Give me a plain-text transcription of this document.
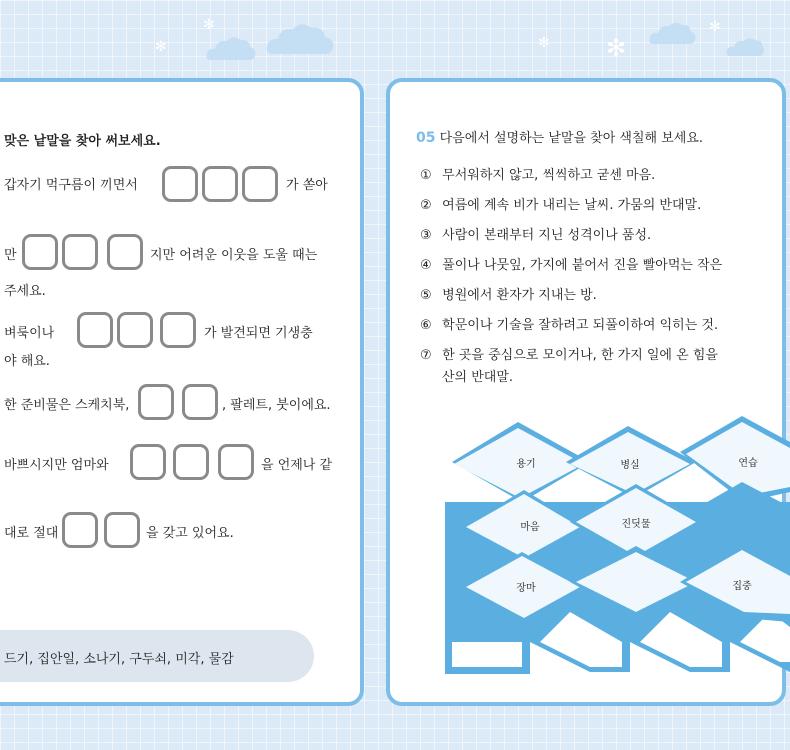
✻
✻	✻ ✻
✻
맞은 낱말을 찾아 써보세요.
갑자기 먹구름이 끼면서	가 쏟아
만	지만 어려운 이웃을 도울 때는
주세요.
벼룩이나	가 발견되면 기생충
야 해요.
한 준비물은 스케치북,	, 팔레트, 붓이에요.
바쁘시지만 엄마와	을 언제나 같
대로 절대	을 갖고 있어요.
드기, 집안일, 소나기, 구두쇠, 미각, 물감
05 다음에서 설명하는 낱말을 찾아 색칠해 보세요.
① 무서워하지 않고, 씩씩하고 굳센 마음.
② 여름에 계속 비가 내리는 날씨. 가뭄의 반대말.
③ 사람이 본래부터 지닌 성격이나 품성.
④ 풀이나 나뭇잎, 가지에 붙어서 진을 빨아먹는 작은
⑤ 병원에서 환자가 지내는 방.
⑥ 학문이나 기술을 잘하려고 되풀이하여 익히는 것.
⑦ 한 곳을 중심으로 모이거나, 한 가지 일에 온 힘을
산의 반대말.
용기	병실	연습
마음	진딧물
장마	집중
